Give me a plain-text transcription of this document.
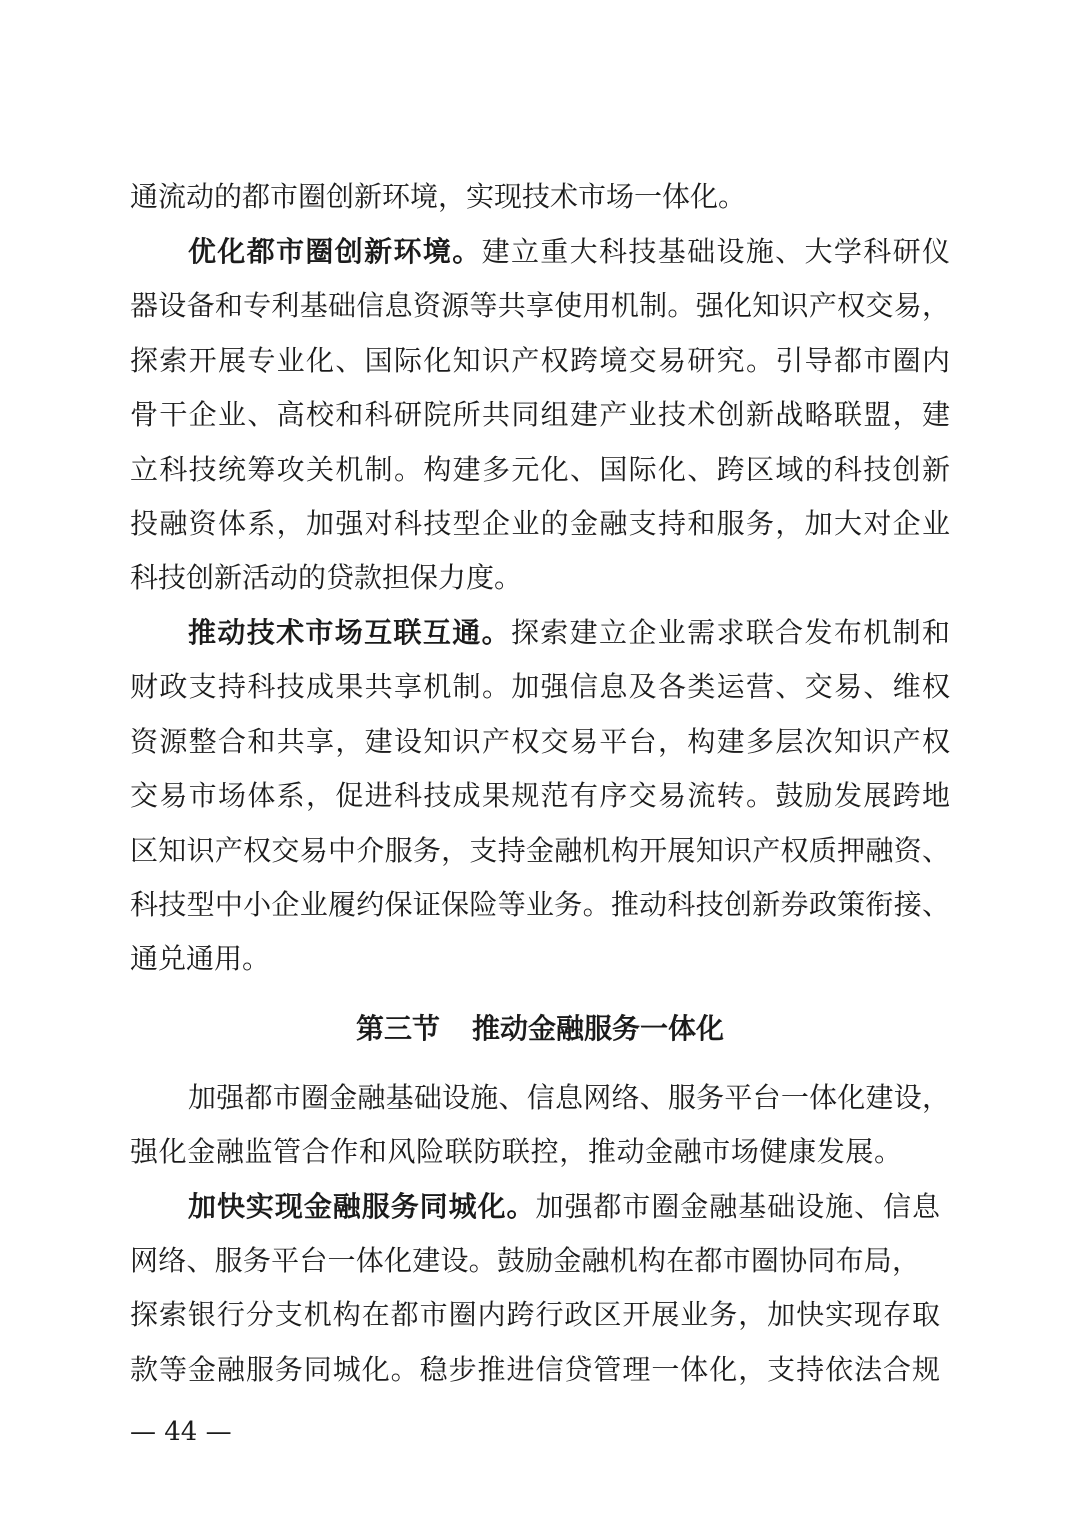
通流动的都市圈创新环境，实现技术市场一体化。
优化都市圈创新环境。建立重大科技基础设施、大学科研仪
器设备和专利基础信息资源等共享使用机制。强化知识产权交易，
探索开展专业化、国际化知识产权跨境交易研究。引导都市圈内
骨干企业、高校和科研院所共同组建产业技术创新战略联盟，建
立科技统筹攻关机制。构建多元化、国际化、跨区域的科技创新
投融资体系，加强对科技型企业的金融支持和服务，加大对企业
科技创新活动的贷款担保力度。
推动技术市场互联互通。探索建立企业需求联合发布机制和
财政支持科技成果共享机制。加强信息及各类运营、交易、维权
资源整合和共享，建设知识产权交易平台，构建多层次知识产权
交易市场体系，促进科技成果规范有序交易流转。鼓励发展跨地
区知识产权交易中介服务，支持金融机构开展知识产权质押融资、
科技型中小企业履约保证保险等业务。推动科技创新券政策衔接、
通兑通用。
第三节 推动金融服务一体化
加强都市圈金融基础设施、信息网络、服务平台一体化建设，
强化金融监管合作和风险联防联控，推动金融市场健康发展。
加快实现金融服务同城化。加强都市圈金融基础设施、信息
网络、服务平台一体化建设。鼓励金融机构在都市圈协同布局，
探索银行分支机构在都市圈内跨行政区开展业务，加快实现存取
款等金融服务同城化。稳步推进信贷管理一体化，支持依法合规
— 44 —
